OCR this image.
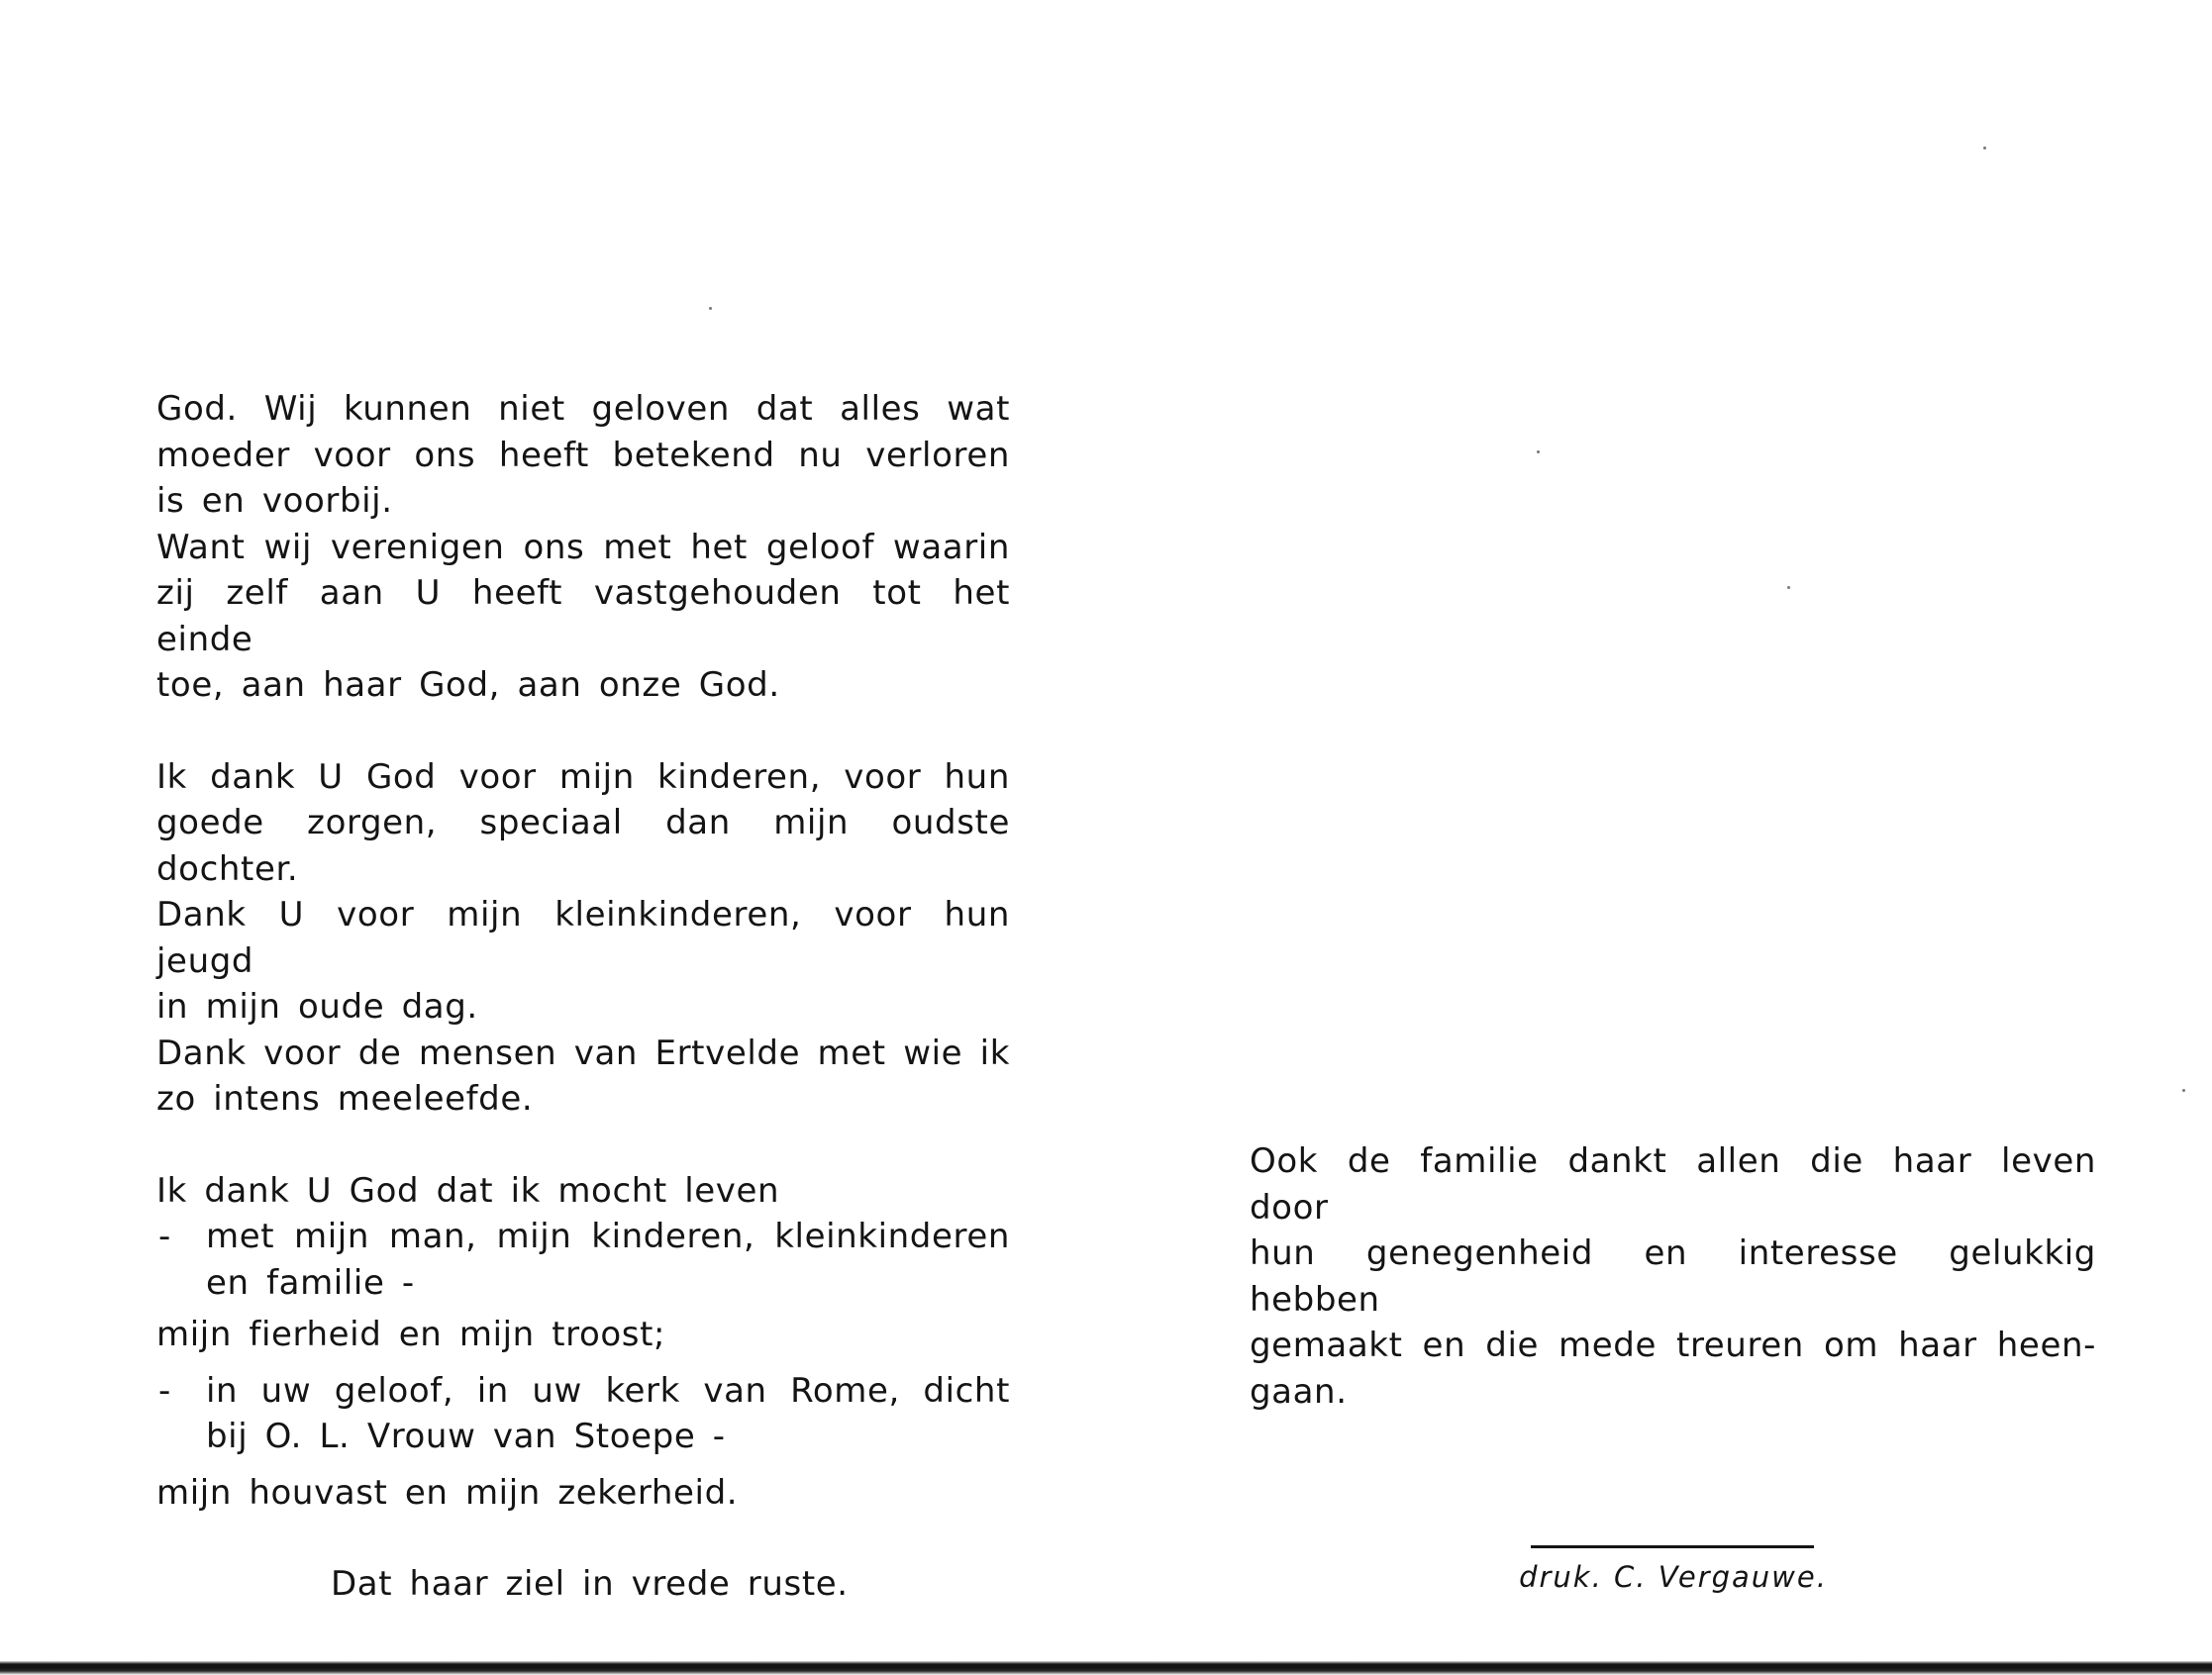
God. Wij kunnen niet geloven dat alles wat

moeder voor ons heeft betekend nu verloren

is en voorbij.

Want wij verenigen ons met het geloof waarin

zij zelf aan U heeft vastgehouden tot het einde

toe, aan haar God, aan onze God.

Ik dank U God voor mijn kinderen, voor hun

goede zorgen, speciaal dan mijn oudste dochter.

Dank U voor mijn kleinkinderen, voor hun jeugd

in mijn oude dag.

Dank voor de mensen van Ertvelde met wie ik

zo intens meeleefde.

Ik dank U God dat ik mocht leven

- met mijn man, mijn kinderen, kleinkinderen

en familie -

mijn fierheid en mijn troost;

- in uw geloof, in uw kerk van Rome, dicht

bij O. L. Vrouw van Stoepe -

mijn houvast en mijn zekerheid.

Dat haar ziel in vrede ruste.

Ook de familie dankt allen die haar leven door

hun genegenheid en interesse gelukkig hebben

gemaakt en die mede treuren om haar heen-

gaan.

druk. C. Vergauwe.
